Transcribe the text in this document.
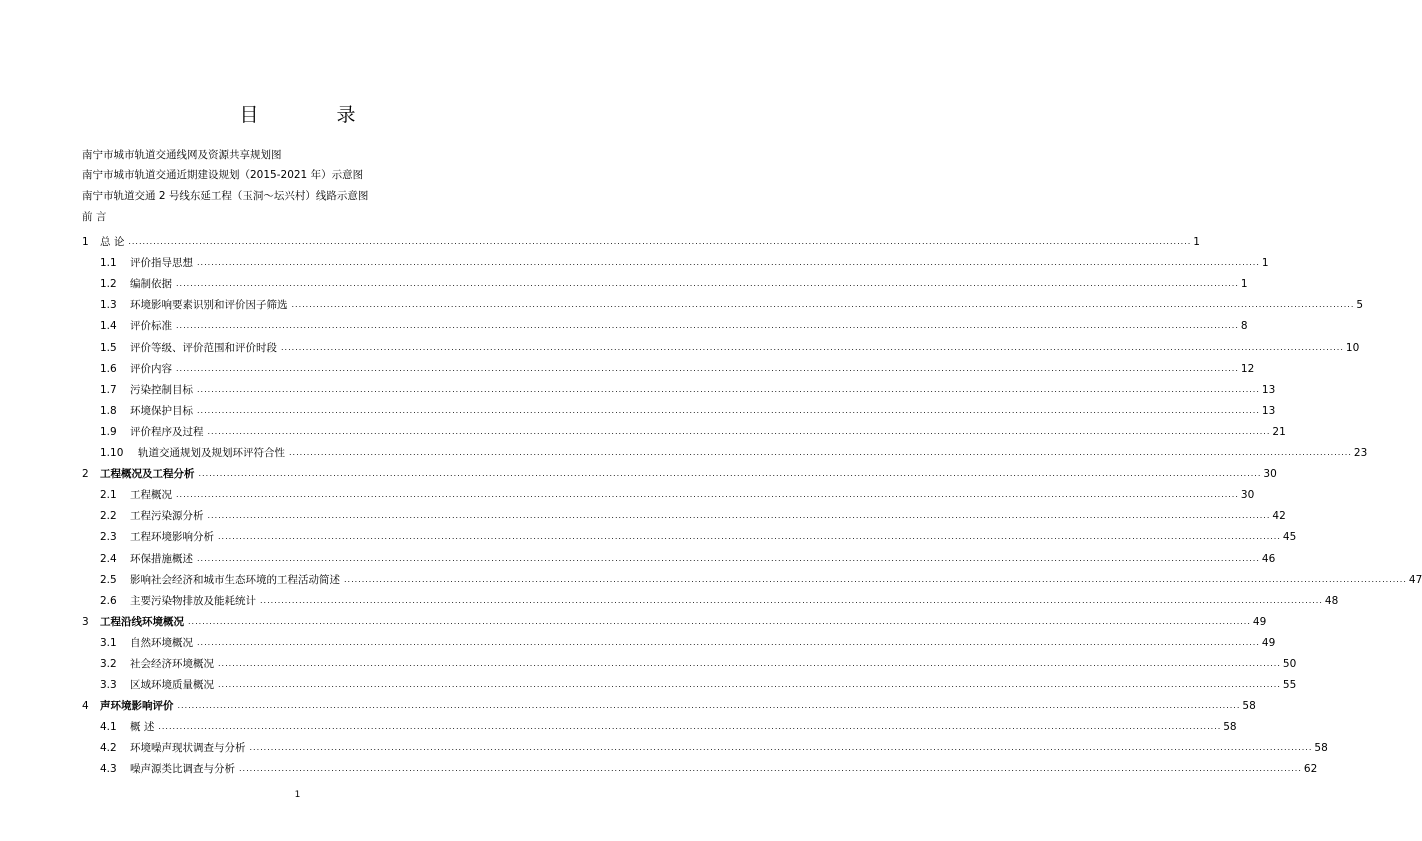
目 录
南宁市城市轨道交通线网及资源共享规划图
南宁市城市轨道交通近期建设规划（2015-2021 年）示意图
南宁市轨道交通 2 号线东延工程（玉洞～坛兴村）线路示意图
前 言
1	总 论 ............................................................................................................................................................................................................................................................................................................ 1
1.1	评价指导思想 ............................................................................................................................................................................................................................................................................................................ 1
1.2	编制依据 ............................................................................................................................................................................................................................................................................................................ 1
1.3	环境影响要素识别和评价因子筛选 ............................................................................................................................................................................................................................................................................................................ 5
1.4	评价标准 ............................................................................................................................................................................................................................................................................................................ 8
1.5	评价等级、评价范围和评价时段 ............................................................................................................................................................................................................................................................................................................ 10
1.6	评价内容 ............................................................................................................................................................................................................................................................................................................ 12
1.7	污染控制目标 ............................................................................................................................................................................................................................................................................................................ 13
1.8	环境保护目标 ............................................................................................................................................................................................................................................................................................................ 13
1.9	评价程序及过程 ............................................................................................................................................................................................................................................................................................................ 21
1.10	轨道交通规划及规划环评符合性 ............................................................................................................................................................................................................................................................................................................ 23
2	工程概况及工程分析 ............................................................................................................................................................................................................................................................................................................ 30
2.1	工程概况 ............................................................................................................................................................................................................................................................................................................ 30
2.2	工程污染源分析 ............................................................................................................................................................................................................................................................................................................ 42
2.3	工程环境影响分析 ............................................................................................................................................................................................................................................................................................................ 45
2.4	环保措施概述 ............................................................................................................................................................................................................................................................................................................ 46
2.5	影响社会经济和城市生态环境的工程活动简述 ............................................................................................................................................................................................................................................................................................................ 47
2.6	主要污染物排放及能耗统计 ............................................................................................................................................................................................................................................................................................................ 48
3	工程沿线环境概况 ............................................................................................................................................................................................................................................................................................................ 49
3.1	自然环境概况 ............................................................................................................................................................................................................................................................................................................ 49
3.2	社会经济环境概况 ............................................................................................................................................................................................................................................................................................................ 50
3.3	区域环境质量概况 ............................................................................................................................................................................................................................................................................................................ 55
4	声环境影响评价 ............................................................................................................................................................................................................................................................................................................ 58
4.1	概 述 ............................................................................................................................................................................................................................................................................................................ 58
4.2	环境噪声现状调查与分析 ............................................................................................................................................................................................................................................................................................................ 58
4.3	噪声源类比调查与分析 ............................................................................................................................................................................................................................................................................................................ 62
1
